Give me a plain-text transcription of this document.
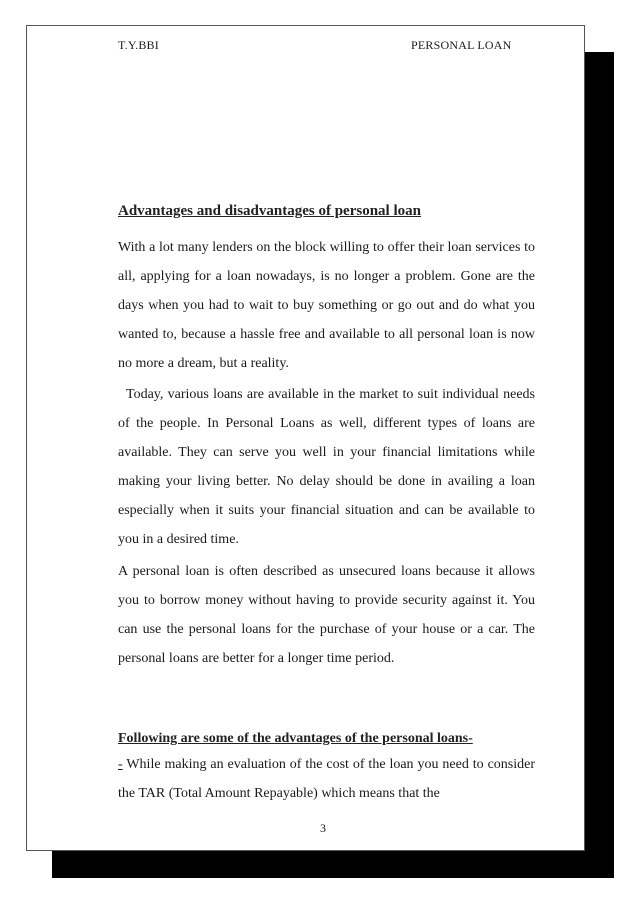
T.Y.BBI	PERSONAL LOAN
Advantages and disadvantages of personal loan
With a lot many lenders on the block willing to offer their loan services to all, applying for a loan nowadays, is no longer a problem. Gone are the days when you had to wait to buy something or go out and do what you wanted to, because a hassle free and available to all personal loan is now no more a dream, but a reality.
Today, various loans are available in the market to suit individual needs of the people. In Personal Loans as well, different types of loans are available. They can serve you well in your financial limitations while making your living better. No delay should be done in availing a loan especially when it suits your financial situation and can be available to you in a desired time.
A personal loan is often described as unsecured loans because it allows you to borrow money without having to provide security against it. You can use the personal loans for the purchase of your house or a car. The personal loans are better for a longer time period.
Following are some of the advantages of the personal loans-
- While making an evaluation of the cost of the loan you need to consider the TAR (Total Amount Repayable) which means that the
3
